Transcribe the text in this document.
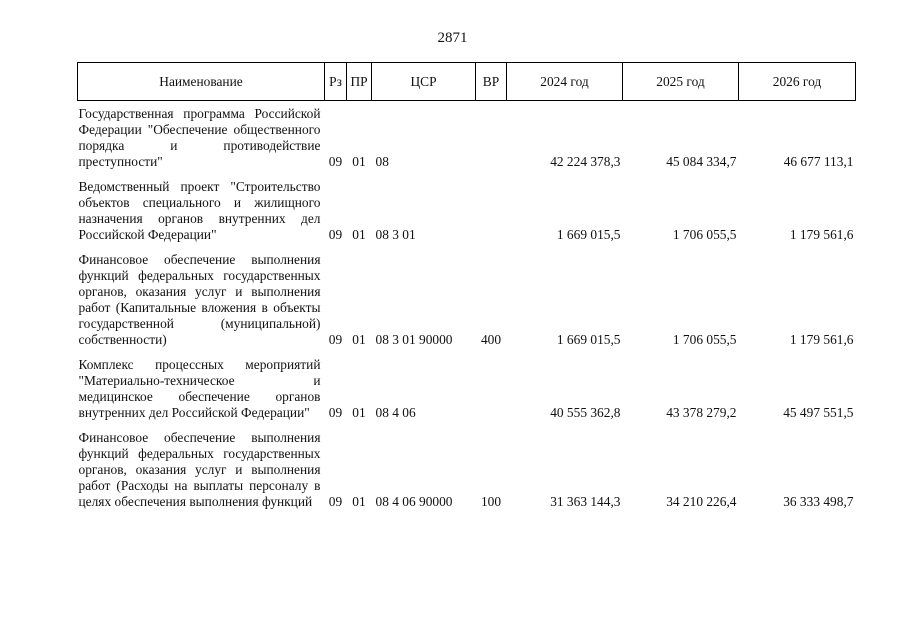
2871
Наименование	Рз	ПР	ЦСР	ВР	2024 год	2025 год	2026 год
Государственная программа Российской Федерации "Обеспечение общественного порядка и противодействие преступности"	09	01	08		42 224 378,3	45 084 334,7	46 677 113,1
Ведомственный проект "Строительство объектов специального и жилищного назначения органов внутренних дел Российской Федерации"	09	01	08 3 01		1 669 015,5	1 706 055,5	1 179 561,6
Финансовое обеспечение выполнения функций федеральных государственных органов, оказания услуг и выполнения работ (Капитальные вложения в объекты государственной (муниципальной) собственности)	09	01	08 3 01 90000	400	1 669 015,5	1 706 055,5	1 179 561,6
Комплекс процессных мероприятий "Материально-техническое и медицинское обеспечение органов внутренних дел Российской Федерации"	09	01	08 4 06		40 555 362,8	43 378 279,2	45 497 551,5
Финансовое обеспечение выполнения функций федеральных государственных органов, оказания услуг и выполнения работ (Расходы на выплаты персоналу в целях обеспечения выполнения функций	09	01	08 4 06 90000	100	31 363 144,3	34 210 226,4	36 333 498,7
